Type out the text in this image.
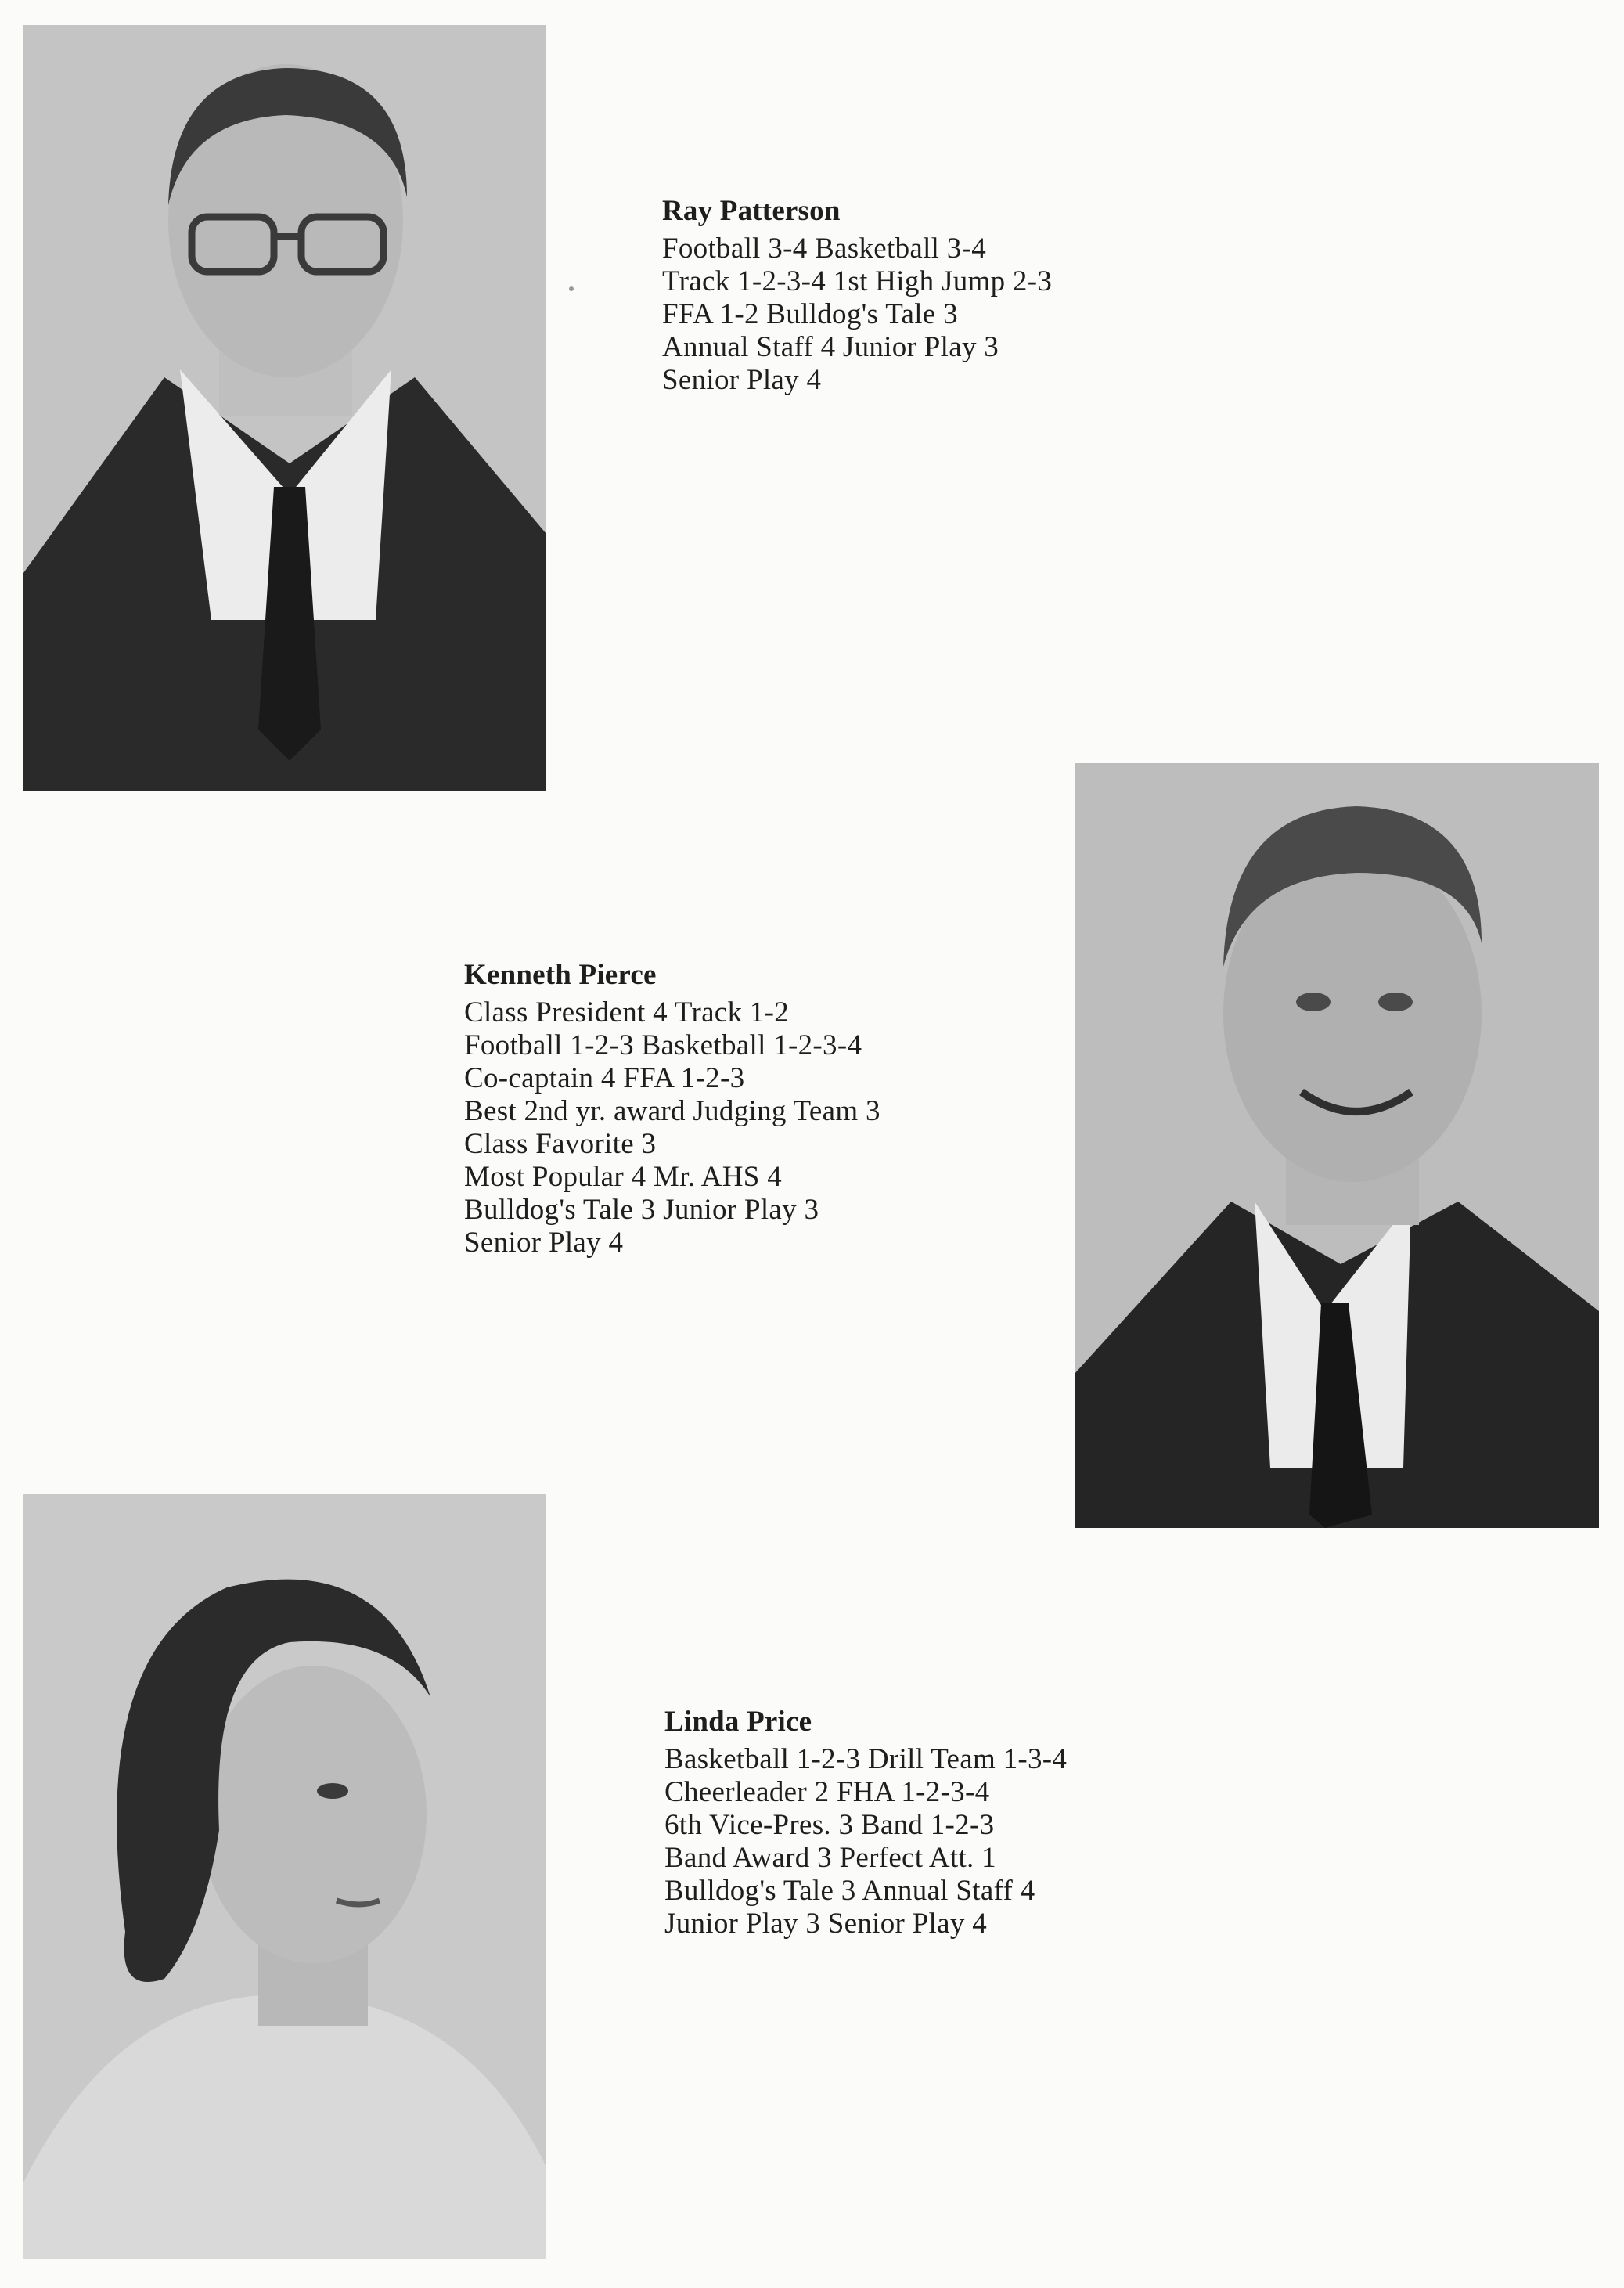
Ray Patterson
Football 3-4 Basketball 3-4
Track 1-2-3-4 1st High Jump 2-3
FFA 1-2 Bulldog's Tale 3
Annual Staff 4 Junior Play 3
Senior Play 4
Kenneth Pierce
Class President 4 Track 1-2
Football 1-2-3 Basketball 1-2-3-4
Co-captain 4 FFA 1-2-3
Best 2nd yr. award Judging Team 3
Class Favorite 3
Most Popular 4 Mr. AHS 4
Bulldog's Tale 3 Junior Play 3
Senior Play 4
Linda Price
Basketball 1-2-3 Drill Team 1-3-4
Cheerleader 2 FHA 1-2-3-4
6th Vice-Pres. 3 Band 1-2-3
Band Award 3 Perfect Att. 1
Bulldog's Tale 3 Annual Staff 4
Junior Play 3 Senior Play 4
